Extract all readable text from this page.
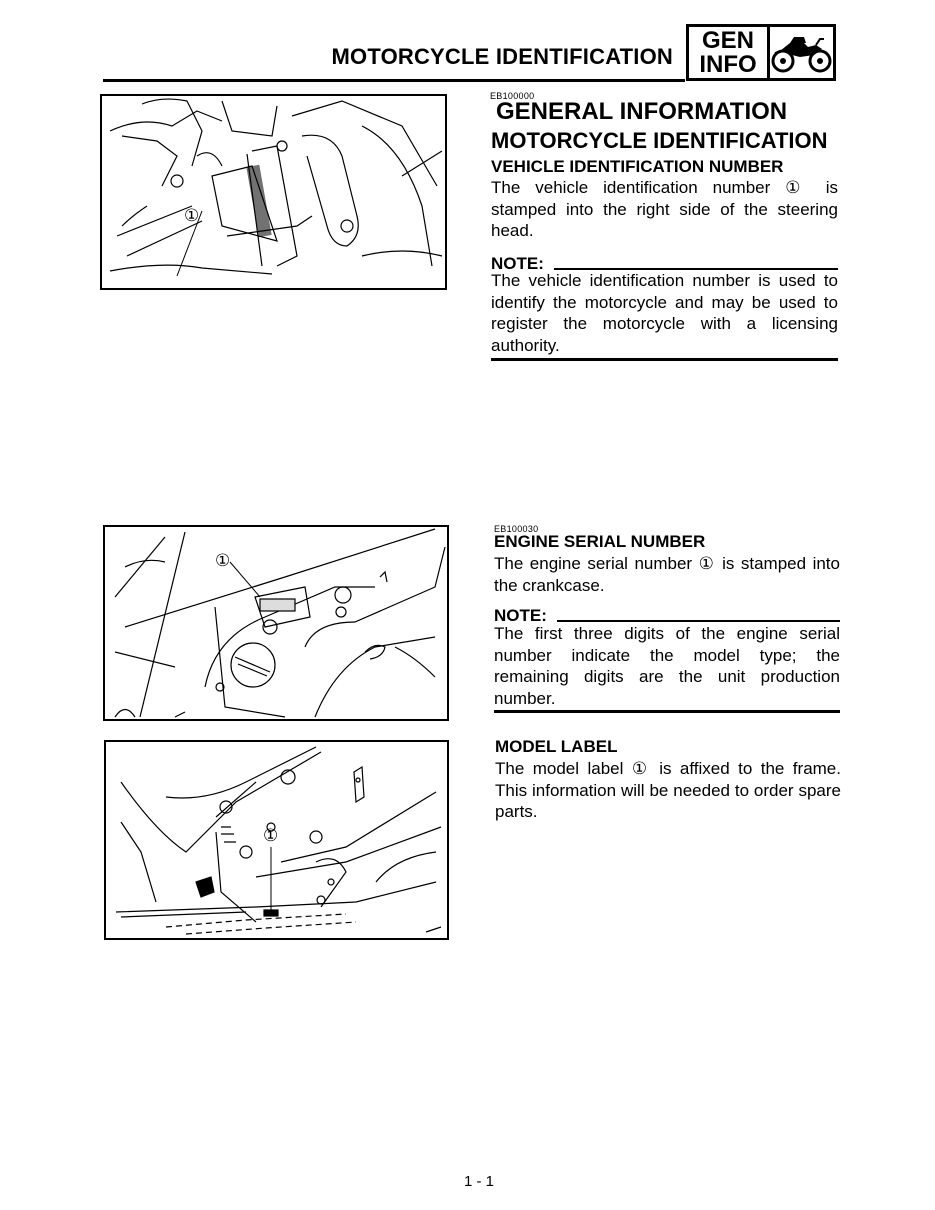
MOTORCYCLE IDENTIFICATION
GEN
INFO
①
①
①
EB100000
GENERAL INFORMATION
MOTORCYCLE IDENTIFICATION
VEHICLE IDENTIFICATION NUMBER
The vehicle identification number ① is stamped into the right side of the steering head.
NOTE:
The vehicle identification number is used to identify the motorcycle and may be used to register the motorcycle with a licensing authority.
EB100030
ENGINE SERIAL NUMBER
The engine serial number ① is stamped into the crankcase.
NOTE:
The first three digits of the engine serial number indicate the model type; the remaining digits are the unit production number.
MODEL LABEL
The model label ① is affixed to the frame. This information will be needed to order spare parts.
1 - 1
